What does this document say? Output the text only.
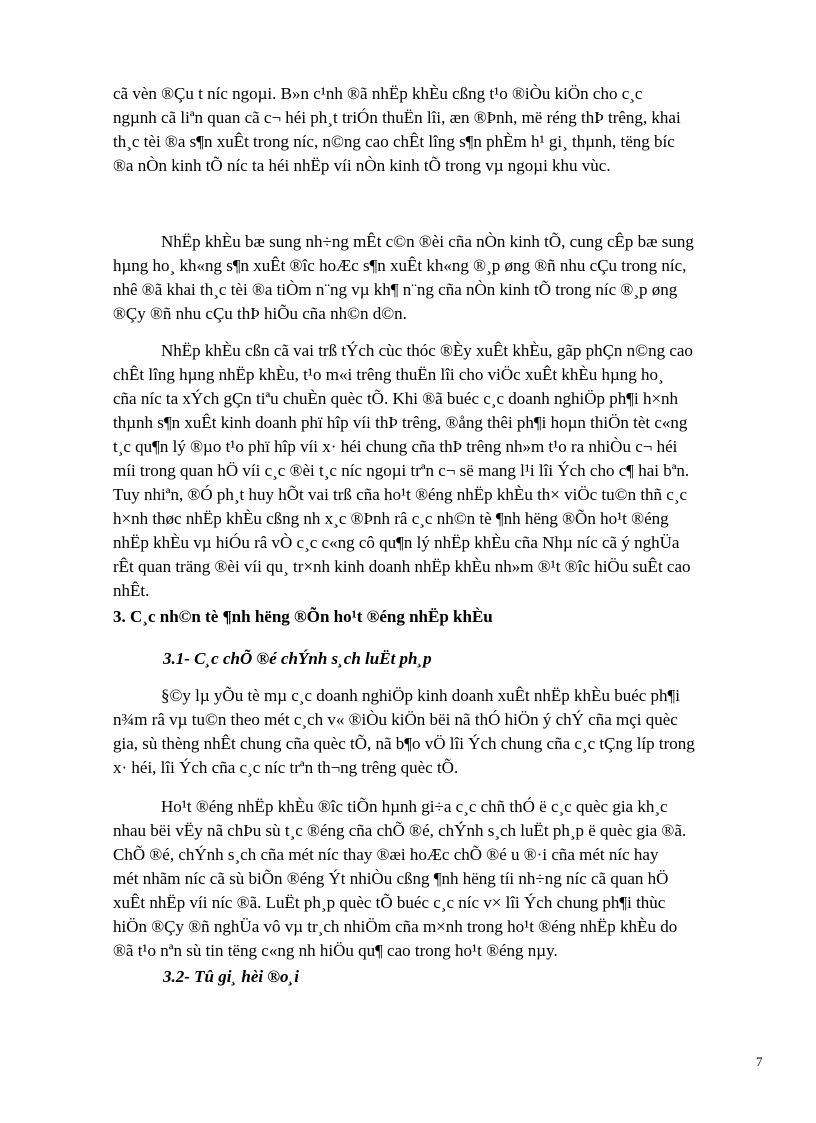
cã vèn ®Çu t níc ngoµi. B»n c¹nh ®ã nhËp khÈu cßng t¹o ®iÒu kiÖn cho c¸c
ngµnh cã liªn quan cã c¬ héi ph¸t triÓn thuËn lîi, æn ®Þnh, më réng thÞ trêng, khai
th¸c tèi ®a s¶n xuÊt trong níc, n©ng cao chÊt lîng s¶n phÈm h¹ gi¸ thµnh, tëng bíc
®a nÒn kinh tÕ níc ta héi nhËp víi nÒn kinh tÕ trong vµ ngoµi khu vùc.
NhËp khÈu bæ sung nh÷ng mÊt c©n ®èi cña nÒn kinh tÕ, cung cÊp bæ sung
hµng ho¸ kh«ng s¶n xuÊt ®îc hoÆc s¶n xuÊt kh«ng ®¸p øng ®ñ nhu cÇu trong níc,
nhê ®ã khai th¸c tèi ®a tiÒm n¨ng vµ kh¶ n¨ng cña nÒn kinh tÕ trong níc ®¸p øng
®Çy ®ñ nhu cÇu thÞ hiÕu cña nh©n d©n.
NhËp khÈu cßn cã vai trß tÝch cùc thóc ®Èy xuÊt khÈu, gãp phÇn n©ng cao
chÊt lîng hµng nhËp khÈu, t¹o m«i trêng thuËn lîi cho viÖc xuÊt khÈu hµng ho¸
cña níc ta xÝch gÇn tiªu chuÈn quèc tÕ. Khi ®ã buéc c¸c doanh nghiÖp ph¶i h×nh
thµnh s¶n xuÊt kinh doanh phï hîp víi thÞ trêng, ®ång thêi ph¶i hoµn thiÖn tèt c«ng
t¸c qu¶n lý ®µo t¹o phï hîp víi x· héi chung cña thÞ trêng nh»m t¹o ra nhiÒu c¬ héi
míi trong quan hÖ víi c¸c ®èi t¸c níc ngoµi trªn c¬ së mang l¹i lîi Ých cho c¶ hai bªn.
Tuy nhiªn, ®Ó ph¸t huy hÕt vai trß cña ho¹t ®éng nhËp khÈu th× viÖc tu©n thñ c¸c
h×nh thøc nhËp khÈu cßng nh x¸c ®Þnh râ c¸c nh©n tè ¶nh hëng ®Õn ho¹t ®éng
nhËp khÈu vµ hiÓu râ vÒ c¸c c«ng cô qu¶n lý nhËp khÈu cña Nhµ níc cã ý nghÜa
rÊt quan träng ®èi víi qu¸ tr×nh kinh doanh nhËp khÈu nh»m ®¹t ®îc hiÖu suÊt cao
nhÊt.
3. C¸c nh©n tè ¶nh hëng ®Õn ho¹t ®éng nhËp khÈu
3.1- C¸c chÕ ®é chÝnh s¸ch luËt ph¸p
§©y lµ yÕu tè mµ c¸c doanh nghiÖp kinh doanh xuÊt nhËp khÈu buéc ph¶i
n¾m râ vµ tu©n theo mét c¸ch v« ®iÒu kiÖn bëi nã thÓ hiÖn ý chÝ cña mçi quèc
gia, sù thèng nhÊt chung cña quèc tÕ, nã b¶o vÖ lîi Ých chung cña c¸c tÇng líp trong
x· héi, lîi Ých cña c¸c níc trªn th¬ng trêng quèc tÕ.
Ho¹t ®éng nhËp khÈu ®îc tiÕn hµnh gi÷a c¸c chñ thÓ ë c¸c quèc gia kh¸c
nhau bëi vËy nã chÞu sù t¸c ®éng cña chÕ ®é, chÝnh s¸ch luËt ph¸p ë quèc gia ®ã.
ChÕ ®é, chÝnh s¸ch cña mét níc thay ®æi hoÆc chÕ ®é u ®·i cña mét níc hay
mét nhãm níc cã sù biÕn ®éng Ýt nhiÒu cßng ¶nh hëng tíi nh÷ng níc cã quan hÖ
xuÊt nhËp víi níc ®ã. LuËt ph¸p quèc tÕ buéc c¸c níc v× lîi Ých chung ph¶i thùc
hiÖn ®Çy ®ñ nghÜa vô vµ tr¸ch nhiÖm cña m×nh trong ho¹t ®éng nhËp khÈu do
®ã t¹o nªn sù tin tëng c«ng nh hiÖu qu¶ cao trong ho¹t ®éng nµy.
3.2- Tû gi¸ hèi ®o¸i
7
